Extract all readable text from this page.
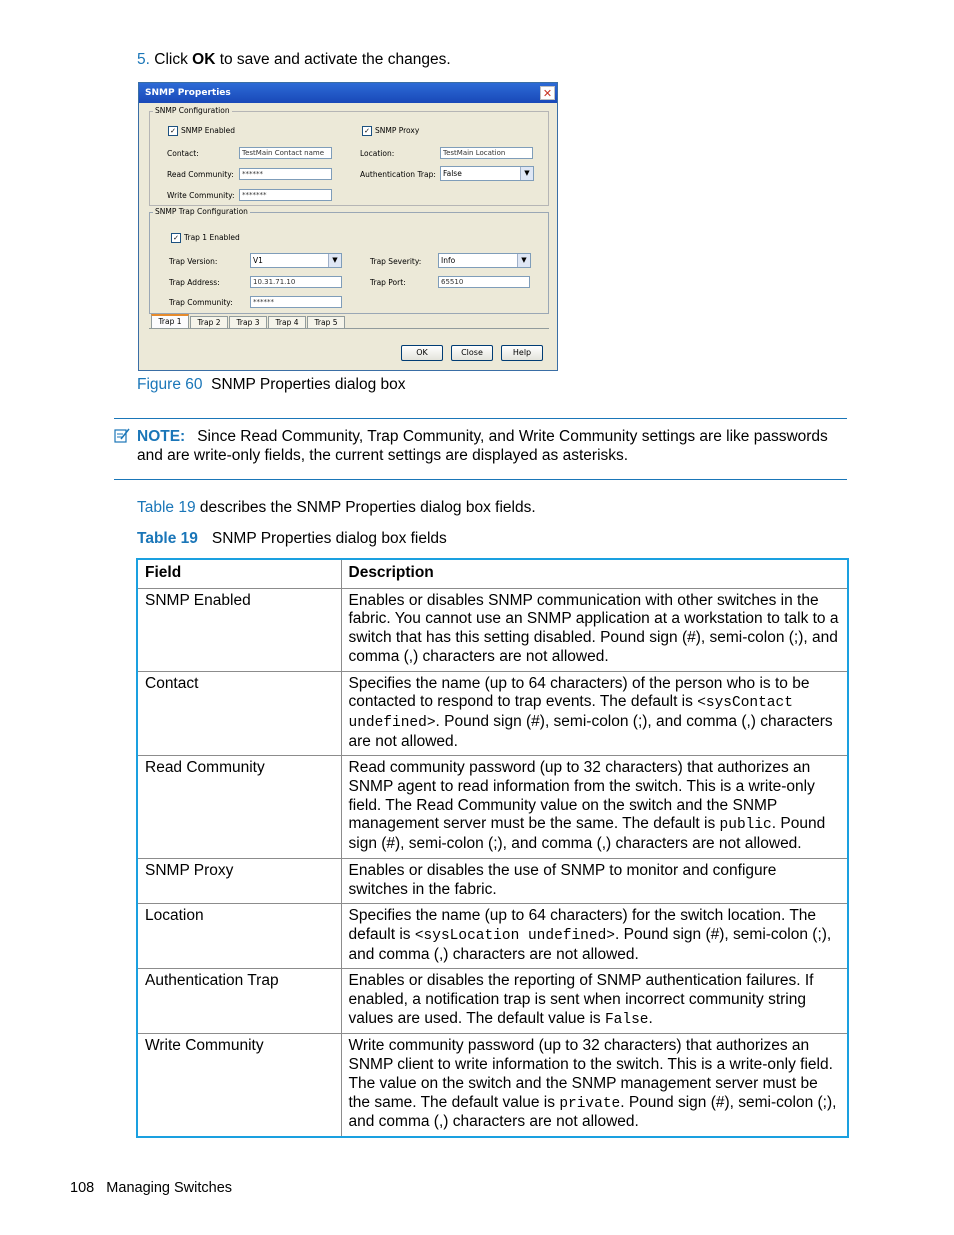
5. Click OK to save and activate the changes.
SNMP Properties	✕
SNMP Configuration
✓ SNMP Enabled	✓ SNMP Proxy
Contact:	TestMain Contact name	Location:	TestMain Location
Read Community:	******	Authentication Trap: False	▼
Write Community:	*******
SNMP Trap Configuration
✓ Trap 1 Enabled
Trap Version:	V1	▼	Trap Severity:	Info	▼
Trap Address:	10.31.71.10	Trap Port:	65510
Trap Community:	******
Trap 1	Trap 2	Trap 3	Trap 4	Trap 5
OK	Close	Help
Figure 60 SNMP Properties dialog box
NOTE: Since Read Community, Trap Community, and Write Community settings are like passwords and are write-only fields, the current settings are displayed as asterisks.
Table 19 describes the SNMP Properties dialog box fields.
Table 19 SNMP Properties dialog box fields
Field	Description
SNMP Enabled	Enables or disables SNMP communication with other switches in the fabric. You cannot use an SNMP application at a workstation to talk to a switch that has this setting disabled. Pound sign (#), semi-colon (;), and comma (,) characters are not allowed.
Contact	Specifies the name (up to 64 characters) of the person who is to be contacted to respond to trap events. The default is <sysContact undefined>. Pound sign (#), semi-colon (;), and comma (,) characters are not allowed.
Read Community	Read community password (up to 32 characters) that authorizes an SNMP agent to read information from the switch. This is a write-only field. The Read Community value on the switch and the SNMP management server must be the same. The default is public. Pound sign (#), semi-colon (;), and comma (,) characters are not allowed.
SNMP Proxy	Enables or disables the use of SNMP to monitor and configure switches in the fabric.
Location	Specifies the name (up to 64 characters) for the switch location. The default is <sysLocation undefined>. Pound sign (#), semi-colon (;), and comma (,) characters are not allowed.
Authentication Trap	Enables or disables the reporting of SNMP authentication failures. If enabled, a notification trap is sent when incorrect community string values are used. The default value is False.
Write Community	Write community password (up to 32 characters) that authorizes an SNMP client to write information to the switch. This is a write-only field. The value on the switch and the SNMP management server must be the same. The default value is private. Pound sign (#), semi-colon (;), and comma (,) characters are not allowed.
108 Managing Switches
